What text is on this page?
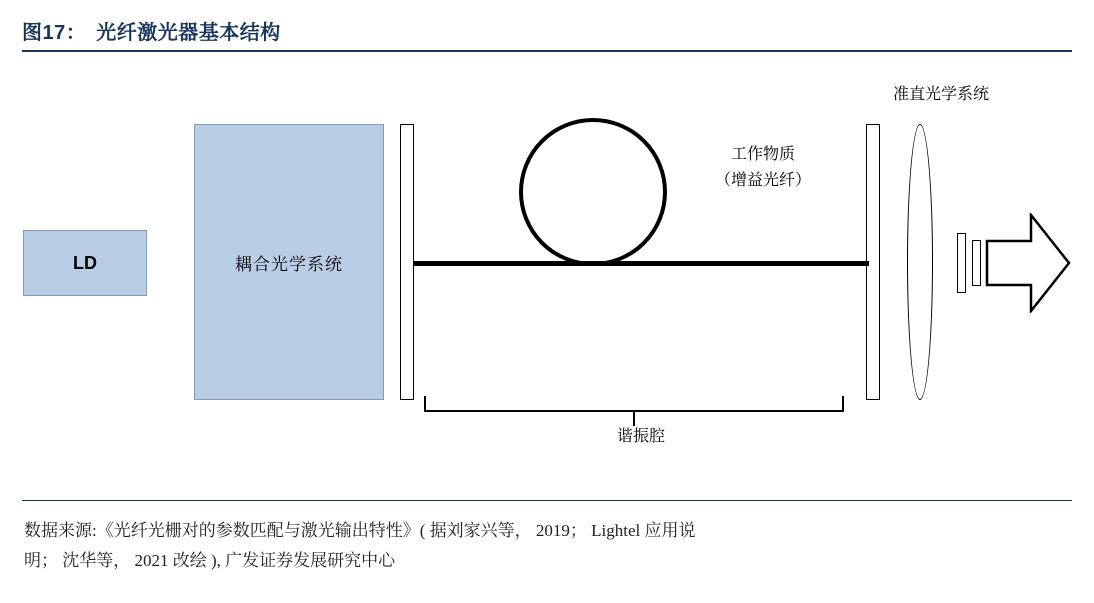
图17： 光纤激光器基本结构
LD	耦合光学系统
工作物质
（增益光纤）
准直光学系统
谐振腔
数据来源:《光纤光栅对的参数匹配与激光输出特性》( 据刘家兴等， 2019； Lightel 应用说
明； 沈华等， 2021 改绘 ), 广发证券发展研究中心
